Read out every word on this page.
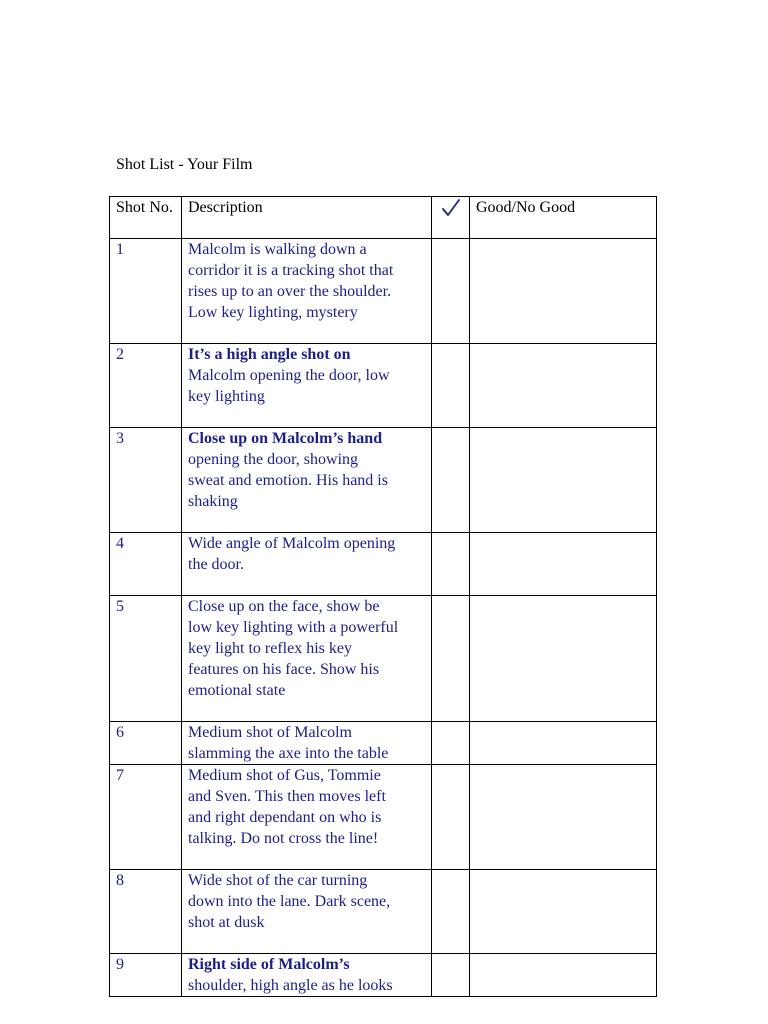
Shot List - Your Film
Shot No.	Description		Good/No Good
1	Malcolm is walking down a
corridor it is a tracking shot that
rises up to an over the shoulder.
Low key lighting, mystery		

2	It’s a high angle shot on
Malcolm opening the door, low
key lighting		

3	Close up on Malcolm’s hand
opening the door, showing
sweat and emotion. His hand is
shaking		

4	Wide angle of Malcolm opening
the door.		

5	Close up on the face, show be
low key lighting with a powerful
key light to reflex his key
features on his face. Show his
emotional state		

6	Medium shot of Malcolm
slamming the axe into the table		

7	Medium shot of Gus, Tommie
and Sven. This then moves left
and right dependant on who is
talking. Do not cross the line!		

8	Wide shot of the car turning
down into the lane. Dark scene,
shot at dusk		

9	Right side of Malcolm’s
shoulder, high angle as he looks		
